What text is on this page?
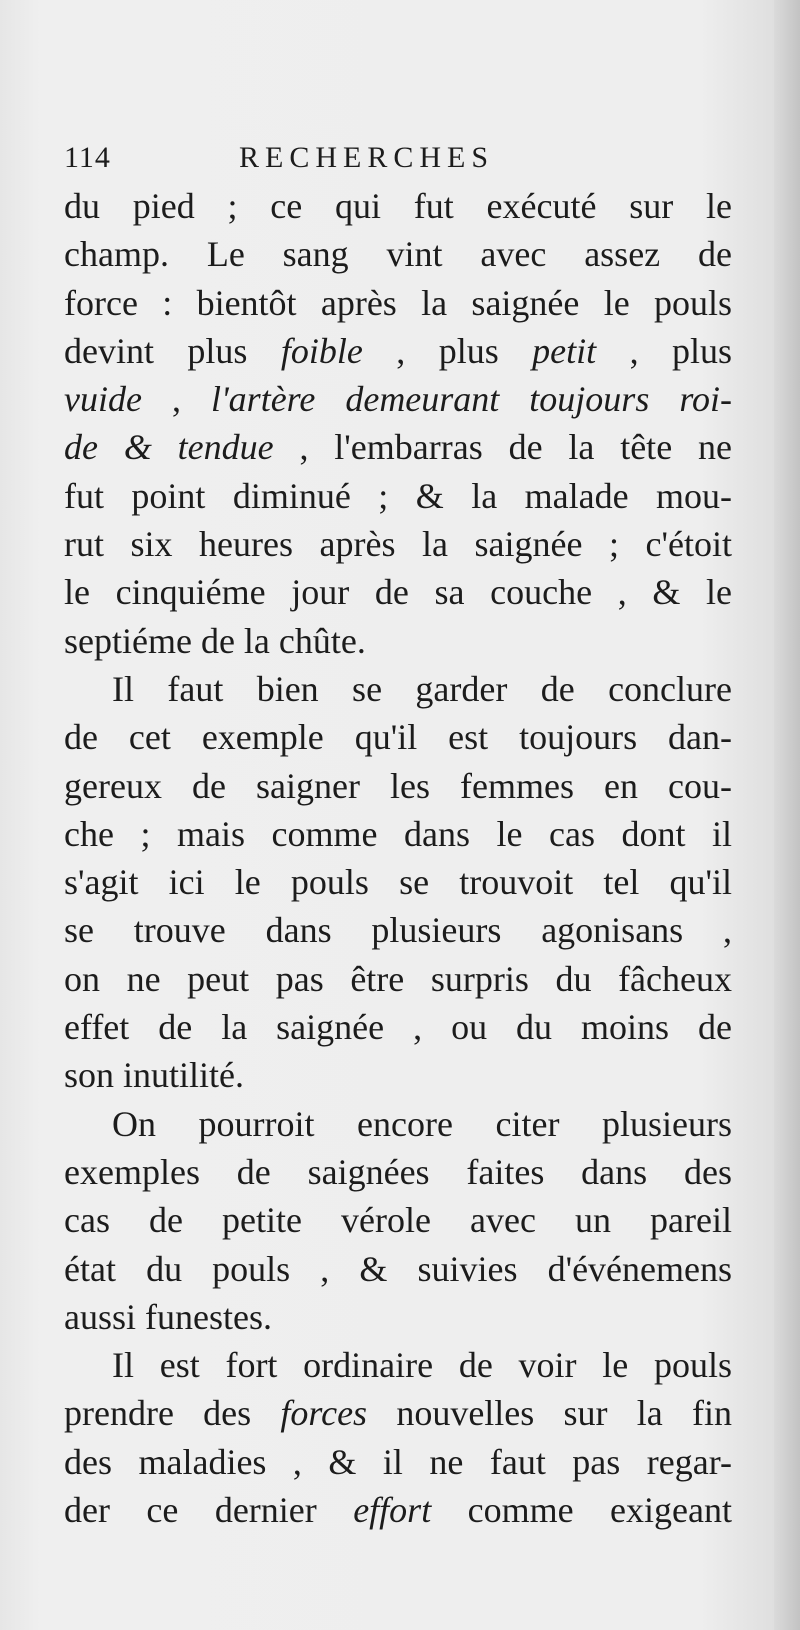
114	RECHERCHES
du pied ; ce qui fut exécuté sur le
champ. Le sang vint avec assez de
force : bientôt après la saignée le pouls
devint plus foible , plus petit , plus
vuide , l'artère demeurant toujours roi-
de & tendue , l'embarras de la tête ne
fut point diminué ; & la malade mou-
rut six heures après la saignée ; c'étoit
le cinquiéme jour de sa couche , & le
septiéme de la chûte.
Il faut bien se garder de conclure
de cet exemple qu'il est toujours dan-
gereux de saigner les femmes en cou-
che ; mais comme dans le cas dont il
s'agit ici le pouls se trouvoit tel qu'il
se trouve dans plusieurs agonisans ,
on ne peut pas être surpris du fâcheux
effet de la saignée , ou du moins de
son inutilité.
On pourroit encore citer plusieurs
exemples de saignées faites dans des
cas de petite vérole avec un pareil
état du pouls , & suivies d'événemens
aussi funestes.
Il est fort ordinaire de voir le pouls
prendre des forces nouvelles sur la fin
des maladies , & il ne faut pas regar-
der ce dernier effort comme exigeant
